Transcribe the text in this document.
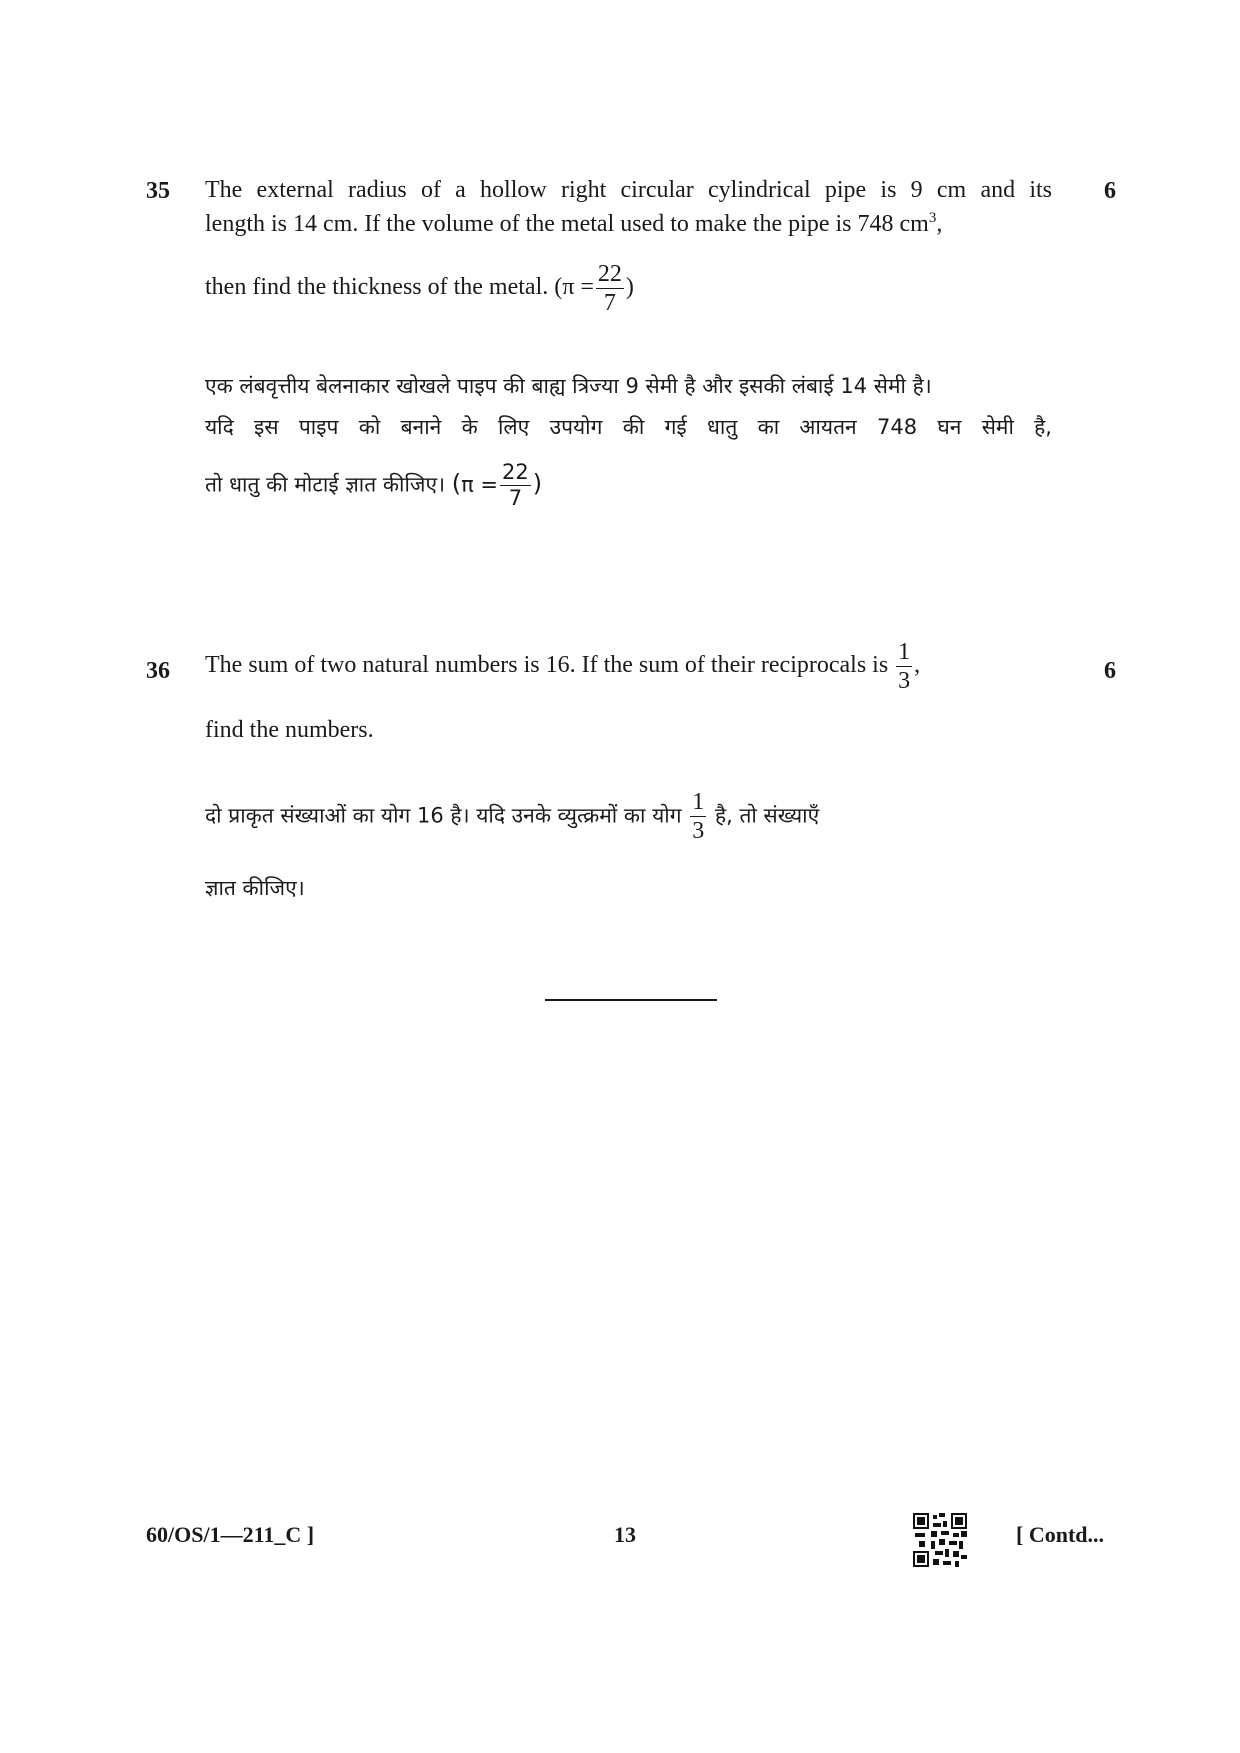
35	6
The external radius of a hollow right circular cylindrical pipe is 9 cm and its
length is 14 cm. If the volume of the metal used to make the pipe is 748 $cm^3$,
then find the thickness of the metal. ($\pi = \frac{22}{7}$ )
एक लंबवृत्तीय बेलनाकार खोखले पाइप की बाह्य त्रिज्या 9 सेमी है और इसकी लंबाई 14 सेमी है।
यदि इस पाइप को बनाने के लिए उपयोग की गई धातु का आयतन 748 घन सेमी है,
तो धातु की मोटाई ज्ञात कीजिए। ($\pi = \frac{22}{7}$ )
36	6
The sum of two natural numbers is 16. If the sum of their reciprocals is $\frac{1}{3}$ ,
find the numbers.
दो प्राकृत संख्याओं का योग 16 है। यदि उनके व्युत्क्रमों का योग $\frac{1}{3}$ है, तो संख्याएँ
ज्ञात कीजिए।
60/OS/1—211_C ]	13	[ Contd...
